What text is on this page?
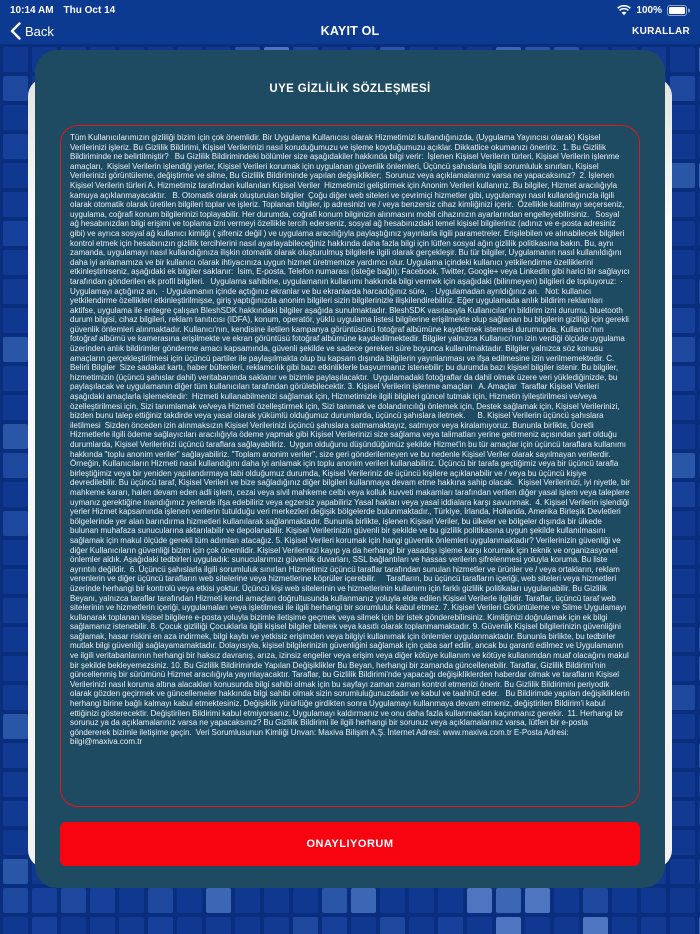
10:14 AM Thu Oct 14	100%
Back	KAYIT OL	KURALLAR
UYE GİZLİLİK SÖZLEŞMESİ
Tüm Kullanıcılarımızın gizliliği bizim için çok önemlidir. Bir Uygulama Kullanıcısı olarak Hizmetimizi kullandığınızda, (Uygulama Yayıncısı olarak) Kişisel Verilerinizi işleriz. Bu Gizlilik Bildirimi, Kişisel Verilerinizi nasıl koruduğumuzu ve işleme koyduğumuzu açıklar. Dikkatlice okumanızı öneririz.  1. Bu Gizlilik Bildiriminde ne belirtilmiştir?   Bu Gizlilik Bildirimindeki bölümler size aşağıdakiler hakkında bilgi verir:  İşlenen Kişisel Verilerin türleri, Kişisel Verilerin işlenme amaçları,  Kişisel Verilerin işlendiği yerler, Kişisel Verileri korumak için uygulanan güvenlik önlemleri, Üçüncü şahıslarla ilgili sorumluluk sınırları, Kişisel Verilerinizi görüntüleme, değiştirme ve silme, Bu Gizlilik Bildiriminde yapılan değişiklikler;  Sorunuz veya açıklamalarınız varsa ne yapacaksınız?  2. İşlenen Kişisel Verilerin türleri A. Hizmetimiz tarafından kullanılan Kişisel Veriler  Hizmetimizi geliştirmek için Anonim Verileri kullanırız. Bu bilgiler, Hizmet aracılığıyla kamuya açıklanmayacaktır.   B. Otomatik olarak oluşturulan bilgiler  Çoğu diğer web siteleri ve çevrimiçi hizmetler gibi, uygulamayı nasıl kullandığınızla ilgili olarak otomatik olarak üretilen bilgileri toplar ve işleriz. Toplanan bilgiler, ip adresinizi ve / veya benzersiz cihaz kimliğinizi içerir.  Özellikle katılmayı seçerseniz, uygulama, coğrafi konum bilgilerinizi toplayabilir. Her durumda, coğrafi konum bilginizin alınmasını mobil cihazınızın ayarlarından engelleyebilirsiniz.   Sosyal ağ hesabınızdan bilgi erişimi ve toplama izni vermeyi özellikle tercih ederseniz, sosyal ağ hesabınızdaki temel kişisel bilgileriniz (adınız ve e-posta adresiniz gibi) ve ayrıca sosyal ağ kullanıcı kimliği ( şifreniz değil ) ve uygulama aracılığıyla paylaştığınız yayınlarla ilgili parametreler. Erişilebilen ve alınabilecek bilgileri kontrol etmek için hesabınızın gizlilik tercihlerini nasıl ayarlayabileceğiniz hakkında daha fazla bilgi için lütfen sosyal ağın gizlilik politikasına bakın. Bu, aynı zamanda, uygulamayı nasıl kullandığınıza ilişkin otomatik olarak oluşturulmuş bilgilerle ilgili olarak gerçekleşir. Bu tür bilgiler, Uygulamanın nasıl kullanıldığını daha iyi anlamamıza ve bir kullanıcı olarak ihtiyacınıza uygun hizmet üretmemize yardımcı olur. Uygulama içindeki kullanıcı yetkilendirme özelliklerini etkinleştirirseniz, aşağıdaki ek bilgiler saklanır:  İsim, E-posta, Telefon numarası (isteğe bağlı); Facebook, Twitter, Google+ veya LinkedIn gibi harici bir sağlayıcı tarafından gönderilen ek profil bilgileri.   Uygulama sahibine, uygulamanın kullanımı hakkında bilgi vermek için aşağıdaki (bilinmeyen) bilgileri de topluyoruz:  · Uygulamayı açtığınız an,  · Uygulamanın içinde açtığınız ekranlar ve bu ekranlarda harcadığınız süre,  · Uygulamadan ayrıldığınız an.   Not: kullanıcı yetkilendirme özellikleri etkinleştirilmişse, giriş yaptığınızda anonim bilgileri sizin bilgilerinizle ilişkilendirebiliriz. Eğer uygulamada anlık bildirim reklamları aktifse, uygulama ile entegre çalışan BleshSDK hakkındaki bilgiler aşağıda sunulmaktadır. BleshSDK vasıtasıyla Kullanıcılar'ın bildirim izni durumu, bluetooth durum bilgisi, cihaz bilgileri, reklam tanıtıcısı (IDFA), konum, operatör, yüklü uygulama listesi bilgilerine erişilmekte olup sağlanan bu bilgilerin gizliliği için gerekli güvenlik önlemleri alınmaktadır. Kullanıcı'nın, kendisine iletilen kampanya görüntüsünü fotoğraf albümüne kaydetmek istemesi durumunda, Kullanıcı'nın fotoğraf albümü ve kamerasına erişilmekte ve ekran görüntüsü fotoğraf albümüne kaydedilmektedir. Bilgiler yalnızca Kullanıcı'nın izin verdiği ölçüde uygulama üzerinden anlık bildirimler gönderme amacı kapsamında, güvenli şekilde ve sadece gereken süre boyunca kullanılmaktadır. Bilgiler yalnızca söz konusu amaçların gerçekleştirilmesi için üçüncü partiler ile paylaşılmakta olup bu kapsam dışında bilgilerin yayınlanması ve ifşa edilmesine izin verilmemektedir. C. Belirli Bilgiler  Size sadakat kartı, haber bültenleri, reklamcılık gibi bazı etkinliklerle başvurmanız istenebilir; bu durumda bazı kişisel bilgiler istenir. Bu bilgiler, hizmetimizin (üçüncü şahıslar dahil) veritabanında saklanır ve bizimle paylaşılacaktır.  Uygulamadaki fotoğraflar da dahil olmak üzere veri yüklediğinizde, bu paylaşılacak ve uygulamanın diğer tüm kullanıcıları tarafından görülebilecektir. 3. Kişisel Verilerin işlenme amaçları   A. Amaçlar  Taraflar Kişisel Verileri aşağıdaki amaçlarla işlemektedir:  Hizmeti kullanabilmenizi sağlamak için, Hizmetimizle ilgili bilgileri güncel tutmak için, Hizmetin iyileştirilmesi ve/veya özelleştirilmesi için, Sizi tanımlamak ve/veya Hizmeti özelleştirmek için, Sizi tanımak ve dolandırıcılığı önlemek için, Destek sağlamak için, Kişisel Verilerinizi, bizden bunu talep ettiğiniz takdirde veya yasal olarak yükümlü olduğumuz durumlarda, üçüncü şahıslara iletmek.      B. Kişisel Verilerin üçüncü şahıslara iletilmesi  Sizden önceden izin alınmaksızın Kişisel Verilerinizi üçüncü şahıslara satmamaktayız, satmıyor veya kiralamıyoruz. Bununla birlikte, Ücretli Hizmetlerle ilgili ödeme sağlayıcıları aracılığıyla ödeme yapmak gibi Kişisel Verilerinizi size sağlama veya talimatları yerine getirmeniz açısından şart olduğu durumlarda, Kişisel Verilerinizi üçüncü taraflara sağlayabiliriz.  Uygun olduğunu düşündüğümüz şekilde Hizmet'in bu tür amaçlar için üçüncü taraflara kullanımı hakkında "toplu anonim veriler" sağlayabiliriz. "Toplam anonim veriler", size geri gönderilemeyen ve bu nedenle Kişisel Veriler olarak sayılmayan verilerdir. Örneğin, Kullanıcıların Hizmeti nasıl kullandığını daha iyi anlamak için toplu anonim verileri kullanabiliriz. Üçüncü bir tarafa geçtiğimiz veya bir üçüncü tarafla birleştiğimiz veya bir yeniden yapılandırmaya tabi olduğumuz durumda, Kişisel Verileriniz de üçüncü kişilere açıklanabilir ve / veya bu üçüncü kişiye devredilebilir. Bu üçüncü taraf, Kişisel Verileri ve bize sağladığınız diğer bilgileri kullanmaya devam etme hakkına sahip olacak.  Kişisel Verilerinizi, iyi niyetle, bir mahkeme kararı, halen devam eden adli işlem, cezai veya sivil mahkeme celbi veya kolluk kuvveti makamları tarafından verilen diğer yasal işlem veya taleplere uymanız gerektiğine inandığımız yerlerde ifşa edebiliriz veya egzersiz yapabiliriz Yasal hakları veya yasal iddialara karşı savunmak.  4. Kişisel Verilerin işlendiği yerler Hizmet kapsamında işlenen verilerin tutulduğu veri merkezleri değişik bölgelerde bulunmaktadır., Türkiye, İrlanda, Hollanda, Amerika Birleşik Devletleri bölgelerinde yer alan barındırma hizmetleri kullanılarak sağlanmaktadır. Bununla birlikte, işlenen Kişisel Veriler, bu ülkeler ve bölgeler dışında bir ülkede bulunan muhafaza sunucularına aktarılabilir ve depolanabilir. Kişisel Verilerinizin güvenli bir şekilde ve bu gizlilik politikasına uygun şekilde kullanılmasını sağlamak için makul ölçüde gerekli tüm adımları atacağız. 5. Kişisel Verileri korumak için hangi güvenlik önlemleri uygulanmaktadır? Verilerinizin güvenliği ve diğer Kullanıcıların güvenliği bizim için çok önemlidir. Kişisel Verilerinizi kayıp ya da herhangi bir yasadışı işleme karşı korumak için teknik ve organizasyonel önlemler aldık. Aşağıdaki tedbirleri uyguladık: sunucularımızı güvenlik duvarları, SSL bağlantıları ve hassas verilerin şifrelenmesi yoluyla koruma. Bu liste ayrıntılı değildir.  6. Üçüncü şahıslarla ilgili sorumluluk sınırları Hizmetimiz üçüncü taraflar tarafından sunulan hizmetler ve ürünler ve / veya ortakların, reklam verenlerin ve diğer üçüncü tarafların web sitelerine veya hizmetlerine köprüler içerebilir.     Tarafların, bu üçüncü tarafların içeriği, web siteleri veya hizmetleri üzerinde herhangi bir kontrolü veya etkisi yoktur. Üçüncü kişi web sitelerinin ve hizmetlerinin kullanımı için farklı gizlilik politikaları uygulanabilir. Bu Gizlilik Beyanı, yalnızca taraflar tarafından Hizmeti kendi amaçları doğrultusunda kullanmanız yoluyla elde edilen Kişisel Verilerle ilgilidir. Taraflar, üçüncü taraf web sitelerinin ve hizmetlerin içeriği, uygulamaları veya işletilmesi ile ilgili herhangi bir sorumluluk kabul etmez. 7. Kişisel Verileri Görüntüleme ve Silme Uygulamayı kullanarak toplanan kişisel bilgilere e-posta yoluyla bizimle iletişime geçmek veya silmek için bir istek gönderebilirsiniz. Kimliğinizi doğrulamak için ek bilgi sağlamanız istenebilir. 8. Çocuk gizliliği Çocuklarla ilgili kişisel bilgiler bilerek veya kasıtlı olarak toplanmamaktadır. 9. Güvenlik Kişisel bilgilerinizin güvenliğini sağlamak, hasar riskini en aza indirmek, bilgi kaybı ve yetkisiz erişimden veya bilgiyi kullanımak için önlemler uygulanmaktadır. Bununla birlikte, bu tedbirler mutlak bilgi güvenliği sağlayamamaktadır. Dolayısıyla, kişisel bilgilerinizin güvenliğini sağlamak için çaba sarf edilir, ancak bu garanti edilmez ve Uygulamanın ve ilgili veritabanlarının herhangi bir haksız davranış, arıza, izinsiz engeller veya erişim veya diğer kötüye kullanım ve kötüye kullanımdan muaf olacağını makul bir şekilde bekleyemezsiniz. 10. Bu Gizlilik Bildiriminde Yapılan Değişiklikler Bu Beyan, herhangi bir zamanda güncellenebilir. Taraflar, Gizlilik Bildirimi'nin güncellenmiş bir sürümünü Hizmet aracılığıyla yayınlayacaktır. Taraflar, bu Gizlilik Bildirimi'nde yapacağı değişikliklerden haberdar olmak ve tarafların Kişisel Verilerinizi nasıl koruma altına alacakları konusunda bilgi sahibi olmak için bu sayfayı zaman zaman kontrol etmenizi önerir. Bu Gizlilik Bildirimini periyodik olarak gözden geçirmek ve güncellemeler hakkında bilgi sahibi olmak sizin sorumluluğunuzdadır ve kabul ve taahhüt eder.   Bu Bildirimde yapılan değişikliklerin herhangi birine bağlı kalmayı kabul etmektesiniz. Değişiklik yürürlüğe girdikten sonra Uygulamayı kullanmaya devam etmeniz, değiştirilen Bildirim'i kabul ettiğinizi gösterecektir. Değiştirilen Bildirimi kabul etmiyorsanız, Uygulamayı kaldırmanız ve onu daha fazla kullanmaktan kaçınmanız gerekir.  11. Herhangi bir sorunuz ya da açıklamalarınız varsa ne yapacaksınız? Bu Gizlilik Bildirimi ile ilgili herhangi bir sorunuz veya açıklamalarınız varsa, lütfen bir e-posta göndererek bizimle iletişime geçin.  Veri Sorumlusunun Kimliği Unvan: Maxiva Bilişim A.Ş. İnternet Adresi: www.maxiva.com.tr E-Posta Adresi: bilgi@maxiva.com.tr
ONAYLIYORUM
